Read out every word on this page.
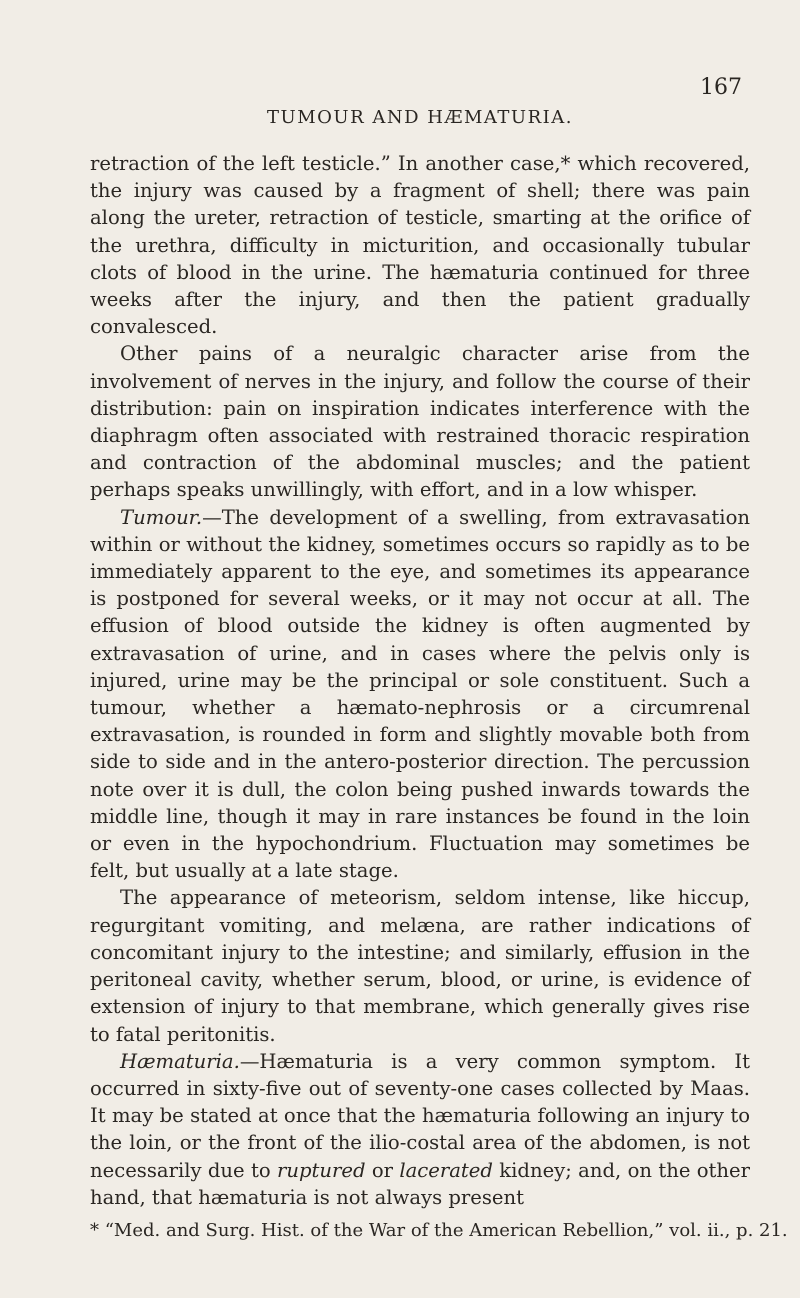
TUMOUR AND HÆMATURIA.
167

retraction of the left testicle.” In another case,* which recovered, the injury was caused by a fragment of shell; there was pain along the ureter, retraction of testicle, smarting at the orifice of the urethra, difficulty in micturition, and occasionally tubular clots of blood in the urine. The hæmaturia continued for three weeks after the injury, and then the patient gradually convalesced.

Other pains of a neuralgic character arise from the involvement of nerves in the injury, and follow the course of their distribution: pain on inspiration indicates interference with the diaphragm often associated with restrained thoracic respiration and contraction of the abdominal muscles; and the patient perhaps speaks unwillingly, with effort, and in a low whisper.

Tumour.—The development of a swelling, from extravasation within or without the kidney, sometimes occurs so rapidly as to be immediately apparent to the eye, and sometimes its appearance is postponed for several weeks, or it may not occur at all. The effusion of blood outside the kidney is often augmented by extravasation of urine, and in cases where the pelvis only is injured, urine may be the principal or sole constituent. Such a tumour, whether a hæmato-nephrosis or a circumrenal extravasation, is rounded in form and slightly movable both from side to side and in the antero-posterior direction. The percussion note over it is dull, the colon being pushed inwards towards the middle line, though it may in rare instances be found in the loin or even in the hypochondrium. Fluctuation may sometimes be felt, but usually at a late stage.

The appearance of meteorism, seldom intense, like hiccup, regurgitant vomiting, and melæna, are rather indications of concomitant injury to the intestine; and similarly, effusion in the peritoneal cavity, whether serum, blood, or urine, is evidence of extension of injury to that membrane, which generally gives rise to fatal peritonitis.

Hæmaturia.—Hæmaturia is a very common symptom. It occurred in sixty-five out of seventy-one cases collected by Maas. It may be stated at once that the hæmaturia following an injury to the loin, or the front of the ilio-costal area of the abdomen, is not necessarily due to ruptured or lacerated kidney; and, on the other hand, that hæmaturia is not always present

* “Med. and Surg. Hist. of the War of the American Rebellion,” vol. ii., p. 21.
